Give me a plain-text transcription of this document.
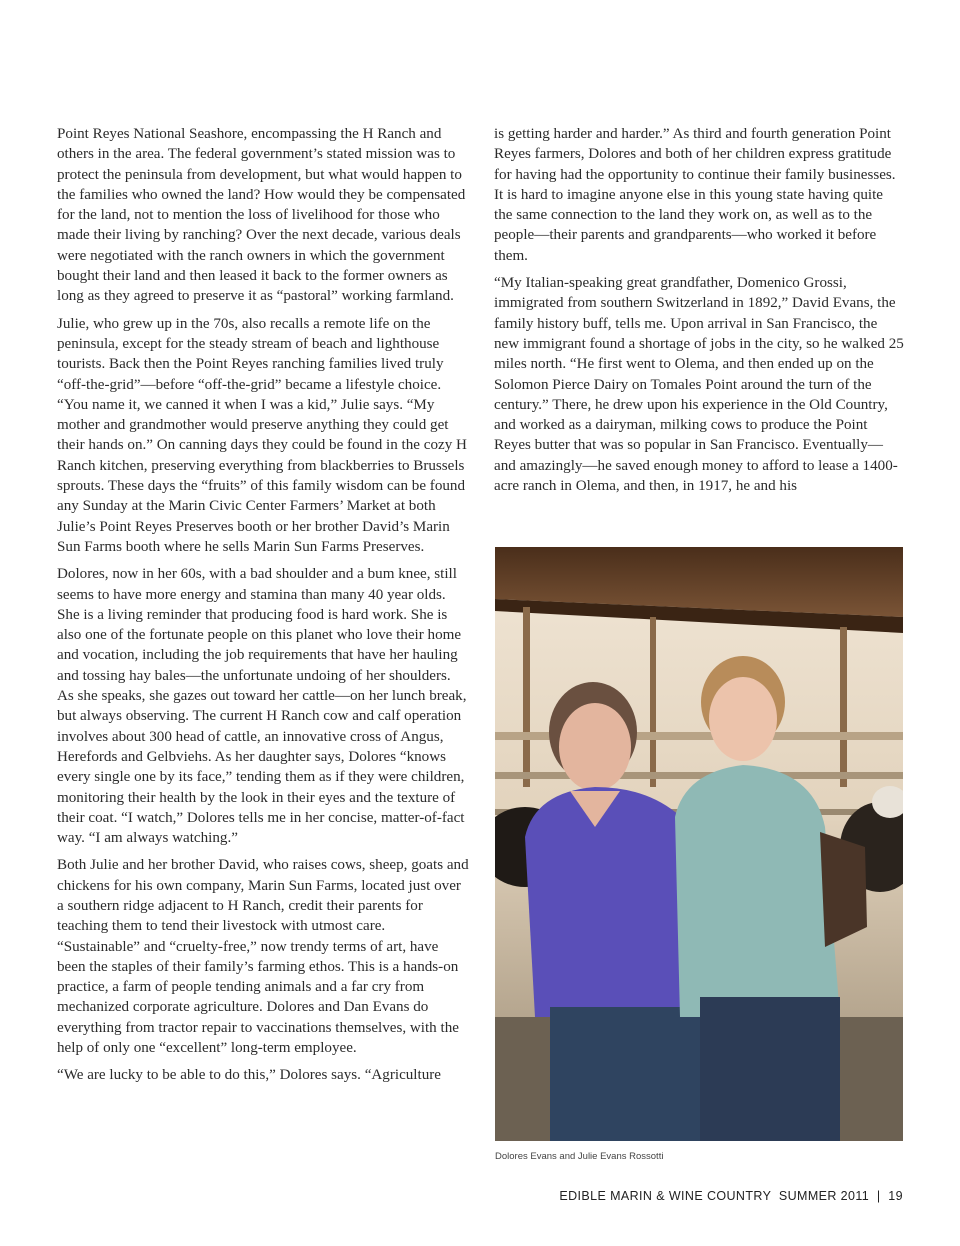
Point Reyes National Seashore, encompassing the H Ranch and others in the area. The federal government’s stated mission was to protect the peninsula from development, but what would happen to the families who owned the land? How would they be compensated for the land, not to mention the loss of livelihood for those who made their living by ranching? Over the next decade, various deals were negotiated with the ranch owners in which the government bought their land and then leased it back to the former owners as long as they agreed to preserve it as “pastoral” working farmland.

Julie, who grew up in the 70s, also recalls a remote life on the peninsula, except for the steady stream of beach and lighthouse tourists. Back then the Point Reyes ranching families lived truly “off-the-grid”—before “off-the-grid” became a lifestyle choice. “You name it, we canned it when I was a kid,” Julie says. “My mother and grandmother would preserve anything they could get their hands on.” On canning days they could be found in the cozy H Ranch kitchen, preserving everything from blackberries to Brussels sprouts. These days the “fruits” of this family wisdom can be found any Sunday at the Marin Civic Center Farmers’ Market at both Julie’s Point Reyes Preserves booth or her brother David’s Marin Sun Farms booth where he sells Marin Sun Farms Preserves.

Dolores, now in her 60s, with a bad shoulder and a bum knee, still seems to have more energy and stamina than many 40 year olds. She is a living reminder that producing food is hard work. She is also one of the fortunate people on this planet who love their home and vocation, including the job requirements that have her hauling and tossing hay bales—the unfortunate undoing of her shoulders. As she speaks, she gazes out toward her cattle—on her lunch break, but always observing. The current H Ranch cow and calf operation involves about 300 head of cattle, an innovative cross of Angus, Herefords and Gelbviehs. As her daughter says, Dolores “knows every single one by its face,” tending them as if they were children, monitoring their health by the look in their eyes and the texture of their coat. “I watch,” Dolores tells me in her concise, matter-of-fact way. “I am always watching.”

Both Julie and her brother David, who raises cows, sheep, goats and chickens for his own company, Marin Sun Farms, located just over a southern ridge adjacent to H Ranch, credit their parents for teaching them to tend their livestock with utmost care. “Sustainable” and “cruelty-free,” now trendy terms of art, have been the staples of their family’s farming ethos. This is a hands-on practice, a farm of people tending animals and a far cry from mechanized corporate agriculture. Dolores and Dan Evans do everything from tractor repair to vaccinations themselves, with the help of only one “excellent” long-term employee.

“We are lucky to be able to do this,” Dolores says. “Agriculture

is getting harder and harder.” As third and fourth generation Point Reyes farmers, Dolores and both of her children express gratitude for having had the opportunity to continue their family businesses. It is hard to imagine anyone else in this young state having quite the same connection to the land they work on, as well as to the people—their parents and grandparents—who worked it before them.

“My Italian-speaking great grandfather, Domenico Grossi, immigrated from southern Switzerland in 1892,” David Evans, the family history buff, tells me. Upon arrival in San Francisco, the new immigrant found a shortage of jobs in the city, so he walked 25 miles north. “He first went to Olema, and then ended up on the Solomon Pierce Dairy on Tomales Point around the turn of the century.” There, he drew upon his experience in the Old Country, and worked as a dairyman, milking cows to produce the Point Reyes butter that was so popular in San Francisco. Eventually—and amazingly—he saved enough money to afford to lease a 1400-acre ranch in Olema, and then, in 1917, he and his

Dolores Evans and Julie Evans Rossotti
EDIBLE MARIN & WINE COUNTRY  SUMMER 2011  |  19
